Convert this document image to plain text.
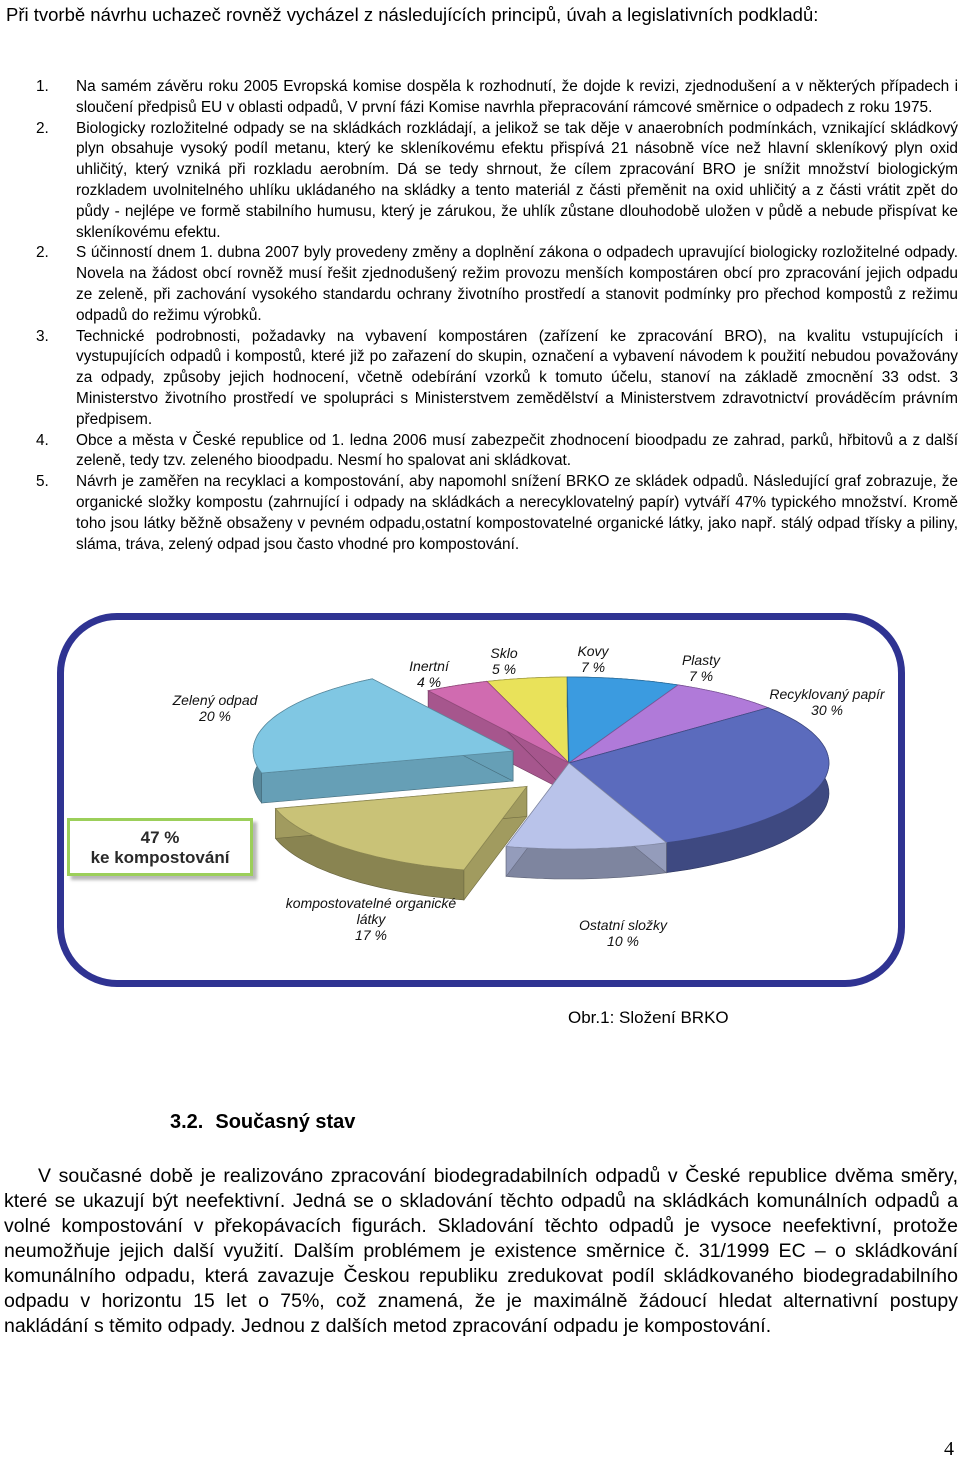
Při tvorbě návrhu uchazeč rovněž vycházel z následujících principů, úvah a legislativních podkladů:

1. Na samém závěru roku 2005 Evropská komise dospěla k rozhodnutí, že dojde k revizi, zjednodušení a v některých případech i sloučení předpisů EU v oblasti odpadů, V první fázi Komise navrhla přepracování rámcové směrnice o odpadech z roku 1975.
2. Biologicky rozložitelné odpady se na skládkách rozkládají, a jelikož se tak děje v anaerobních podmínkách, vznikající skládkový plyn obsahuje vysoký podíl metanu, který ke skleníkovému efektu přispívá 21 násobně více než hlavní skleníkový plyn oxid uhličitý, který vzniká při rozkladu aerobním. Dá se tedy shrnout, že cílem zpracování BRO je snížit množství biologickým rozkladem uvolnitelného uhlíku ukládaného na skládky a tento materiál z části přeměnit na oxid uhličitý a z části vrátit zpět do půdy - nejlépe ve formě stabilního humusu, který je zárukou, že uhlík zůstane dlouhodobě uložen v půdě a nebude přispívat ke skleníkovému efektu.
2. S účinností dnem 1. dubna 2007 byly provedeny změny a doplnění zákona o odpadech upravující biologicky rozložitelné odpady. Novela na žádost obcí rovněž musí řešit zjednodušený režim provozu menších kompostáren obcí pro zpracování jejich odpadu ze zeleně, při zachování vysokého standardu ochrany životního prostředí a stanovit podmínky pro přechod kompostů z režimu odpadů do režimu výrobků.
3. Technické podrobnosti, požadavky na vybavení kompostáren (zařízení ke zpracování BRO), na kvalitu vstupujících i vystupujících odpadů i kompostů, které již po zařazení do skupin, označení a vybavení návodem k použití nebudou považovány za odpady, způsoby jejich hodnocení, včetně odebírání vzorků k tomuto účelu, stanoví na základě zmocnění 33 odst. 3 Ministerstvo životního prostředí ve spolupráci s Ministerstvem zemědělství a Ministerstvem zdravotnictví prováděcím právním předpisem.
4. Obce a města v České republice od 1. ledna 2006 musí zabezpečit zhodnocení bioodpadu ze zahrad, parků, hřbitovů a z další zeleně, tedy tzv. zeleného bioodpadu. Nesmí ho spalovat ani skládkovat.
5. Návrh je zaměřen na recyklaci a kompostování, aby napomohl snížení BRKO ze skládek odpadů. Následující graf zobrazuje, že organické složky kompostu (zahrnující i odpady na skládkách a nerecyklovatelný papír) vytváří 47% typického množství. Kromě toho jsou látky běžně obsaženy v pevném odpadu,ostatní kompostovatelné organické látky, jako např. stálý odpad třísky a piliny, sláma, tráva, zelený odpad jsou často vhodné pro kompostování.
Zelený odpad
20 %
Inertní
4 %
Sklo
5 %
Kovy
7 %	Plasty
7 %
Recyklovaný papír
30 %
kompostovatelné organické látky
17 %
Ostatní složky
10 %
47 %
ke kompostování
Obr.1: Složení BRKO
3.2. Současný stav

V současné době je realizováno zpracování biodegradabilních odpadů v České republice dvěma směry, které se ukazují být neefektivní. Jedná se o skladování těchto odpadů na skládkách komunálních odpadů a volné kompostování v překopávacích figurách. Skladování těchto odpadů je vysoce neefektivní, protože neumožňuje jejich další využití. Dalším problémem je existence směrnice č. 31/1999 EC – o skládkování komunálního odpadu, která zavazuje Českou republiku zredukovat podíl skládkovaného biodegradabilního odpadu v horizontu 15 let o 75%, což znamená, že je maximálně žádoucí hledat alternativní postupy nakládání s těmito odpady. Jednou z dalších metod zpracování odpadu je kompostování.

4
